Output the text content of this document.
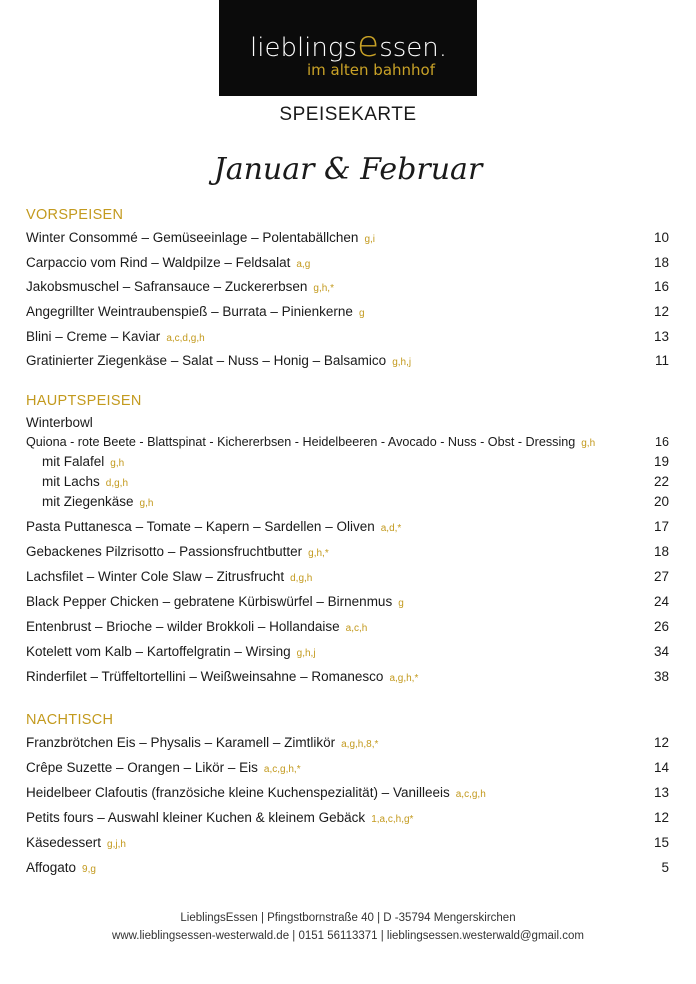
lieblingsessen.
im alten bahnhof
SPEISEKARTE
Januar & Februar
VORSPEISEN
Winter Consommé – Gemüseeinlage – Polentabällchen g,i	10
Carpaccio vom Rind – Waldpilze – Feldsalat a,g	18
Jakobsmuschel – Safransauce – Zuckererbsen g,h,*	16
Angegrillter Weintraubenspieß – Burrata – Pinienkerne g	12
Blini – Creme – Kaviar a,c,d,g,h	13
Gratinierter Ziegenkäse – Salat – Nuss – Honig – Balsamico g,h,j	11
HAUPTSPEISEN
Winterbowl
Quiona - rote Beete - Blattspinat - Kichererbsen - Heidelbeeren - Avocado - Nuss - Obst - Dressing g,h	16
mit Falafel g,h	19
mit Lachs d,g,h	22
mit Ziegenkäse g,h	20
Pasta Puttanesca – Tomate – Kapern – Sardellen – Oliven a,d,*	17
Gebackenes Pilzrisotto – Passionsfruchtbutter g,h,*	18
Lachsfilet – Winter Cole Slaw – Zitrusfrucht d,g,h	27
Black Pepper Chicken – gebratene Kürbiswürfel – Birnenmus g	24
Entenbrust – Brioche – wilder Brokkoli – Hollandaise a,c,h	26
Kotelett vom Kalb – Kartoffelgratin – Wirsing g,h,j	34
Rinderfilet – Trüffeltortellini – Weißweinsahne – Romanesco a,g,h,*	38
NACHTISCH
Franzbrötchen Eis – Physalis – Karamell – Zimtlikör a,g,h,8,*	12
Crêpe Suzette – Orangen – Likör – Eis a,c,g,h,*	14
Heidelbeer Clafoutis (französiche kleine Kuchenspezialität) – Vanilleeis a,c,g,h	13
Petits fours – Auswahl kleiner Kuchen & kleinem Gebäck 1,a,c,h,g*	12
Käsedessert g,j,h	15
Affogato 9,g	5
LieblingsEssen | Pfingstbornstraße 40 | D -35794 Mengerskirchen
www.lieblingsessen-westerwald.de | 0151 56113371 | lieblingsessen.westerwald@gmail.com
